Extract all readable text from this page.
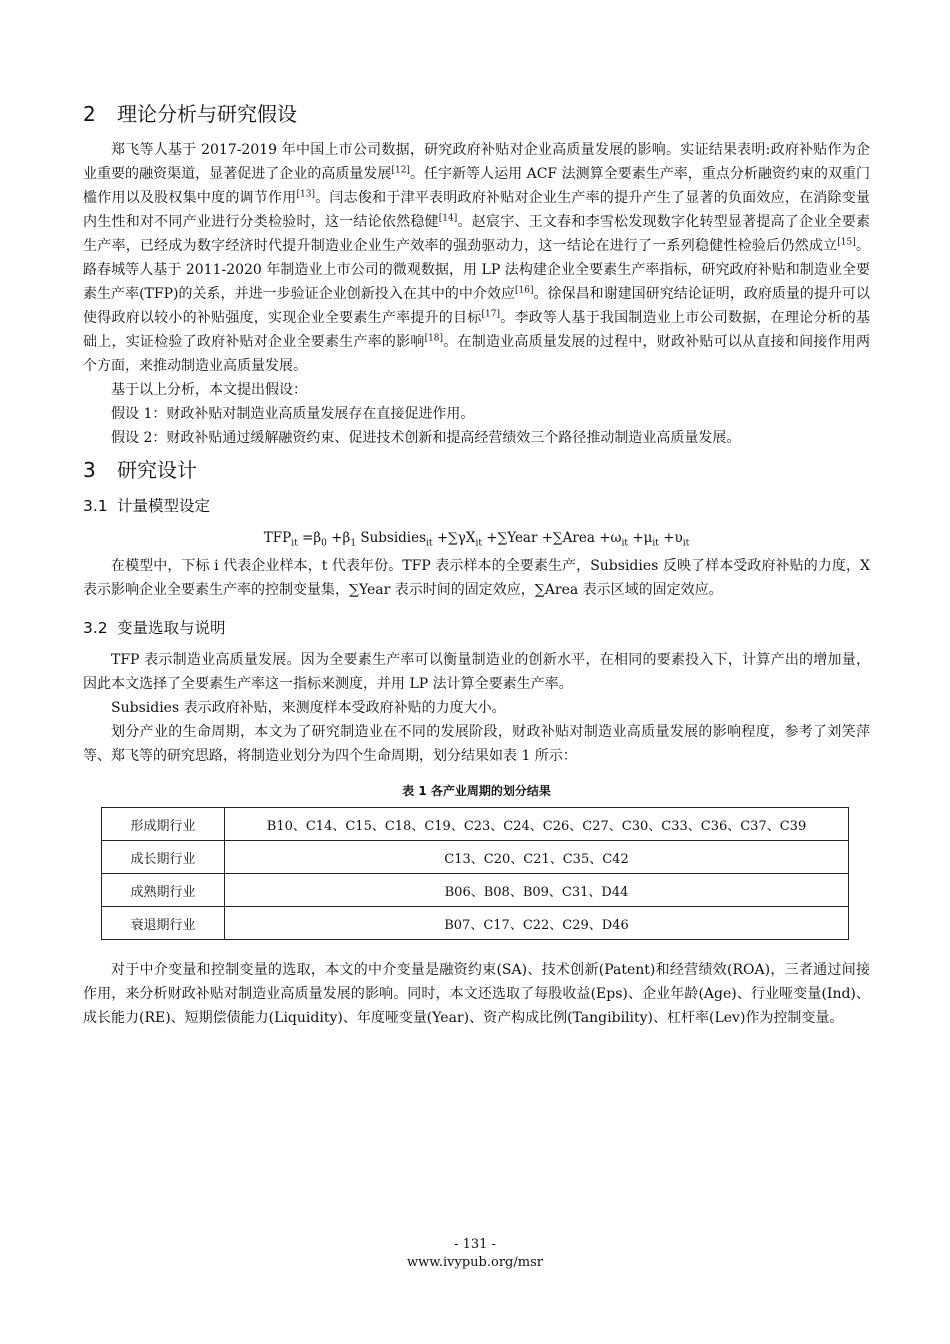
2 理论分析与研究假设

郑飞等人基于 2017-2019 年中国上市公司数据，研究政府补贴对企业高质量发展的影响。实证结果表明:政府补贴作为企业重要的融资渠道，显著促进了企业的高质量发展[12]。任宇新等人运用 ACF 法测算全要素生产率，重点分析融资约束的双重门槛作用以及股权集中度的调节作用[13]。闫志俊和于津平表明政府补贴对企业生产率的提升产生了显著的负面效应，在消除变量内生性和对不同产业进行分类检验时，这一结论依然稳健[14]。赵宸宇、王文春和李雪松发现数字化转型显著提高了企业全要素生产率，已经成为数字经济时代提升制造业企业生产效率的强劲驱动力，这一结论在进行了一系列稳健性检验后仍然成立[15]。路春城等人基于 2011-2020 年制造业上市公司的微观数据，用 LP 法构建企业全要素生产率指标，研究政府补贴和制造业全要素生产率(TFP)的关系，并进一步验证企业创新投入在其中的中介效应[16]。徐保昌和谢建国研究结论证明，政府质量的提升可以使得政府以较小的补贴强度，实现企业全要素生产率提升的目标[17]。李政等人基于我国制造业上市公司数据，在理论分析的基础上，实证检验了政府补贴对企业全要素生产率的影响[18]。在制造业高质量发展的过程中，财政补贴可以从直接和间接作用两个方面，来推动制造业高质量发展。

基于以上分析，本文提出假设：

假设 1：财政补贴对制造业高质量发展存在直接促进作用。

假设 2：财政补贴通过缓解融资约束、促进技术创新和提高经营绩效三个路径推动制造业高质量发展。

3 研究设计
3.1 计量模型设定
$TFP_{it} =\beta_0 +\beta_1$ Subsidies$_{it}$ $+\sum\gamma X_{it}$ +∑Year +∑Area $+\omega_{it} +\mu_{it} +\upsilon_{it}$

在模型中，下标 i 代表企业样本，t 代表年份。TFP 表示样本的全要素生产，Subsidies 反映了样本受政府补贴的力度，X 表示影响企业全要素生产率的控制变量集，∑Year 表示时间的固定效应，∑Area 表示区域的固定效应。

3.2 变量选取与说明

TFP 表示制造业高质量发展。因为全要素生产率可以衡量制造业的创新水平，在相同的要素投入下，计算产出的增加量，因此本文选择了全要素生产率这一指标来测度，并用 LP 法计算全要素生产率。

Subsidies 表示政府补贴，来测度样本受政府补贴的力度大小。

划分产业的生命周期，本文为了研究制造业在不同的发展阶段，财政补贴对制造业高质量发展的影响程度，参考了刘笑萍等、郑飞等的研究思路，将制造业划分为四个生命周期，划分结果如表 1 所示：

表 1 各产业周期的划分结果
形成期行业	B10、C14、C15、C18、C19、C23、C24、C26、C27、C30、C33、C36、C37、C39
成长期行业	C13、C20、C21、C35、C42
成熟期行业	B06、B08、B09、C31、D44
衰退期行业	B07、C17、C22、C29、D46

对于中介变量和控制变量的选取，本文的中介变量是融资约束(SA)、技术创新(Patent)和经营绩效(ROA)，三者通过间接作用，来分析财政补贴对制造业高质量发展的影响。同时，本文还选取了每股收益(Eps)、企业年龄(Age)、行业哑变量(Ind)、成长能力(RE)、短期偿债能力(Liquidity)、年度哑变量(Year)、资产构成比例(Tangibility)、杠杆率(Lev)作为控制变量。

- 131 -
www.ivypub.org/msr
